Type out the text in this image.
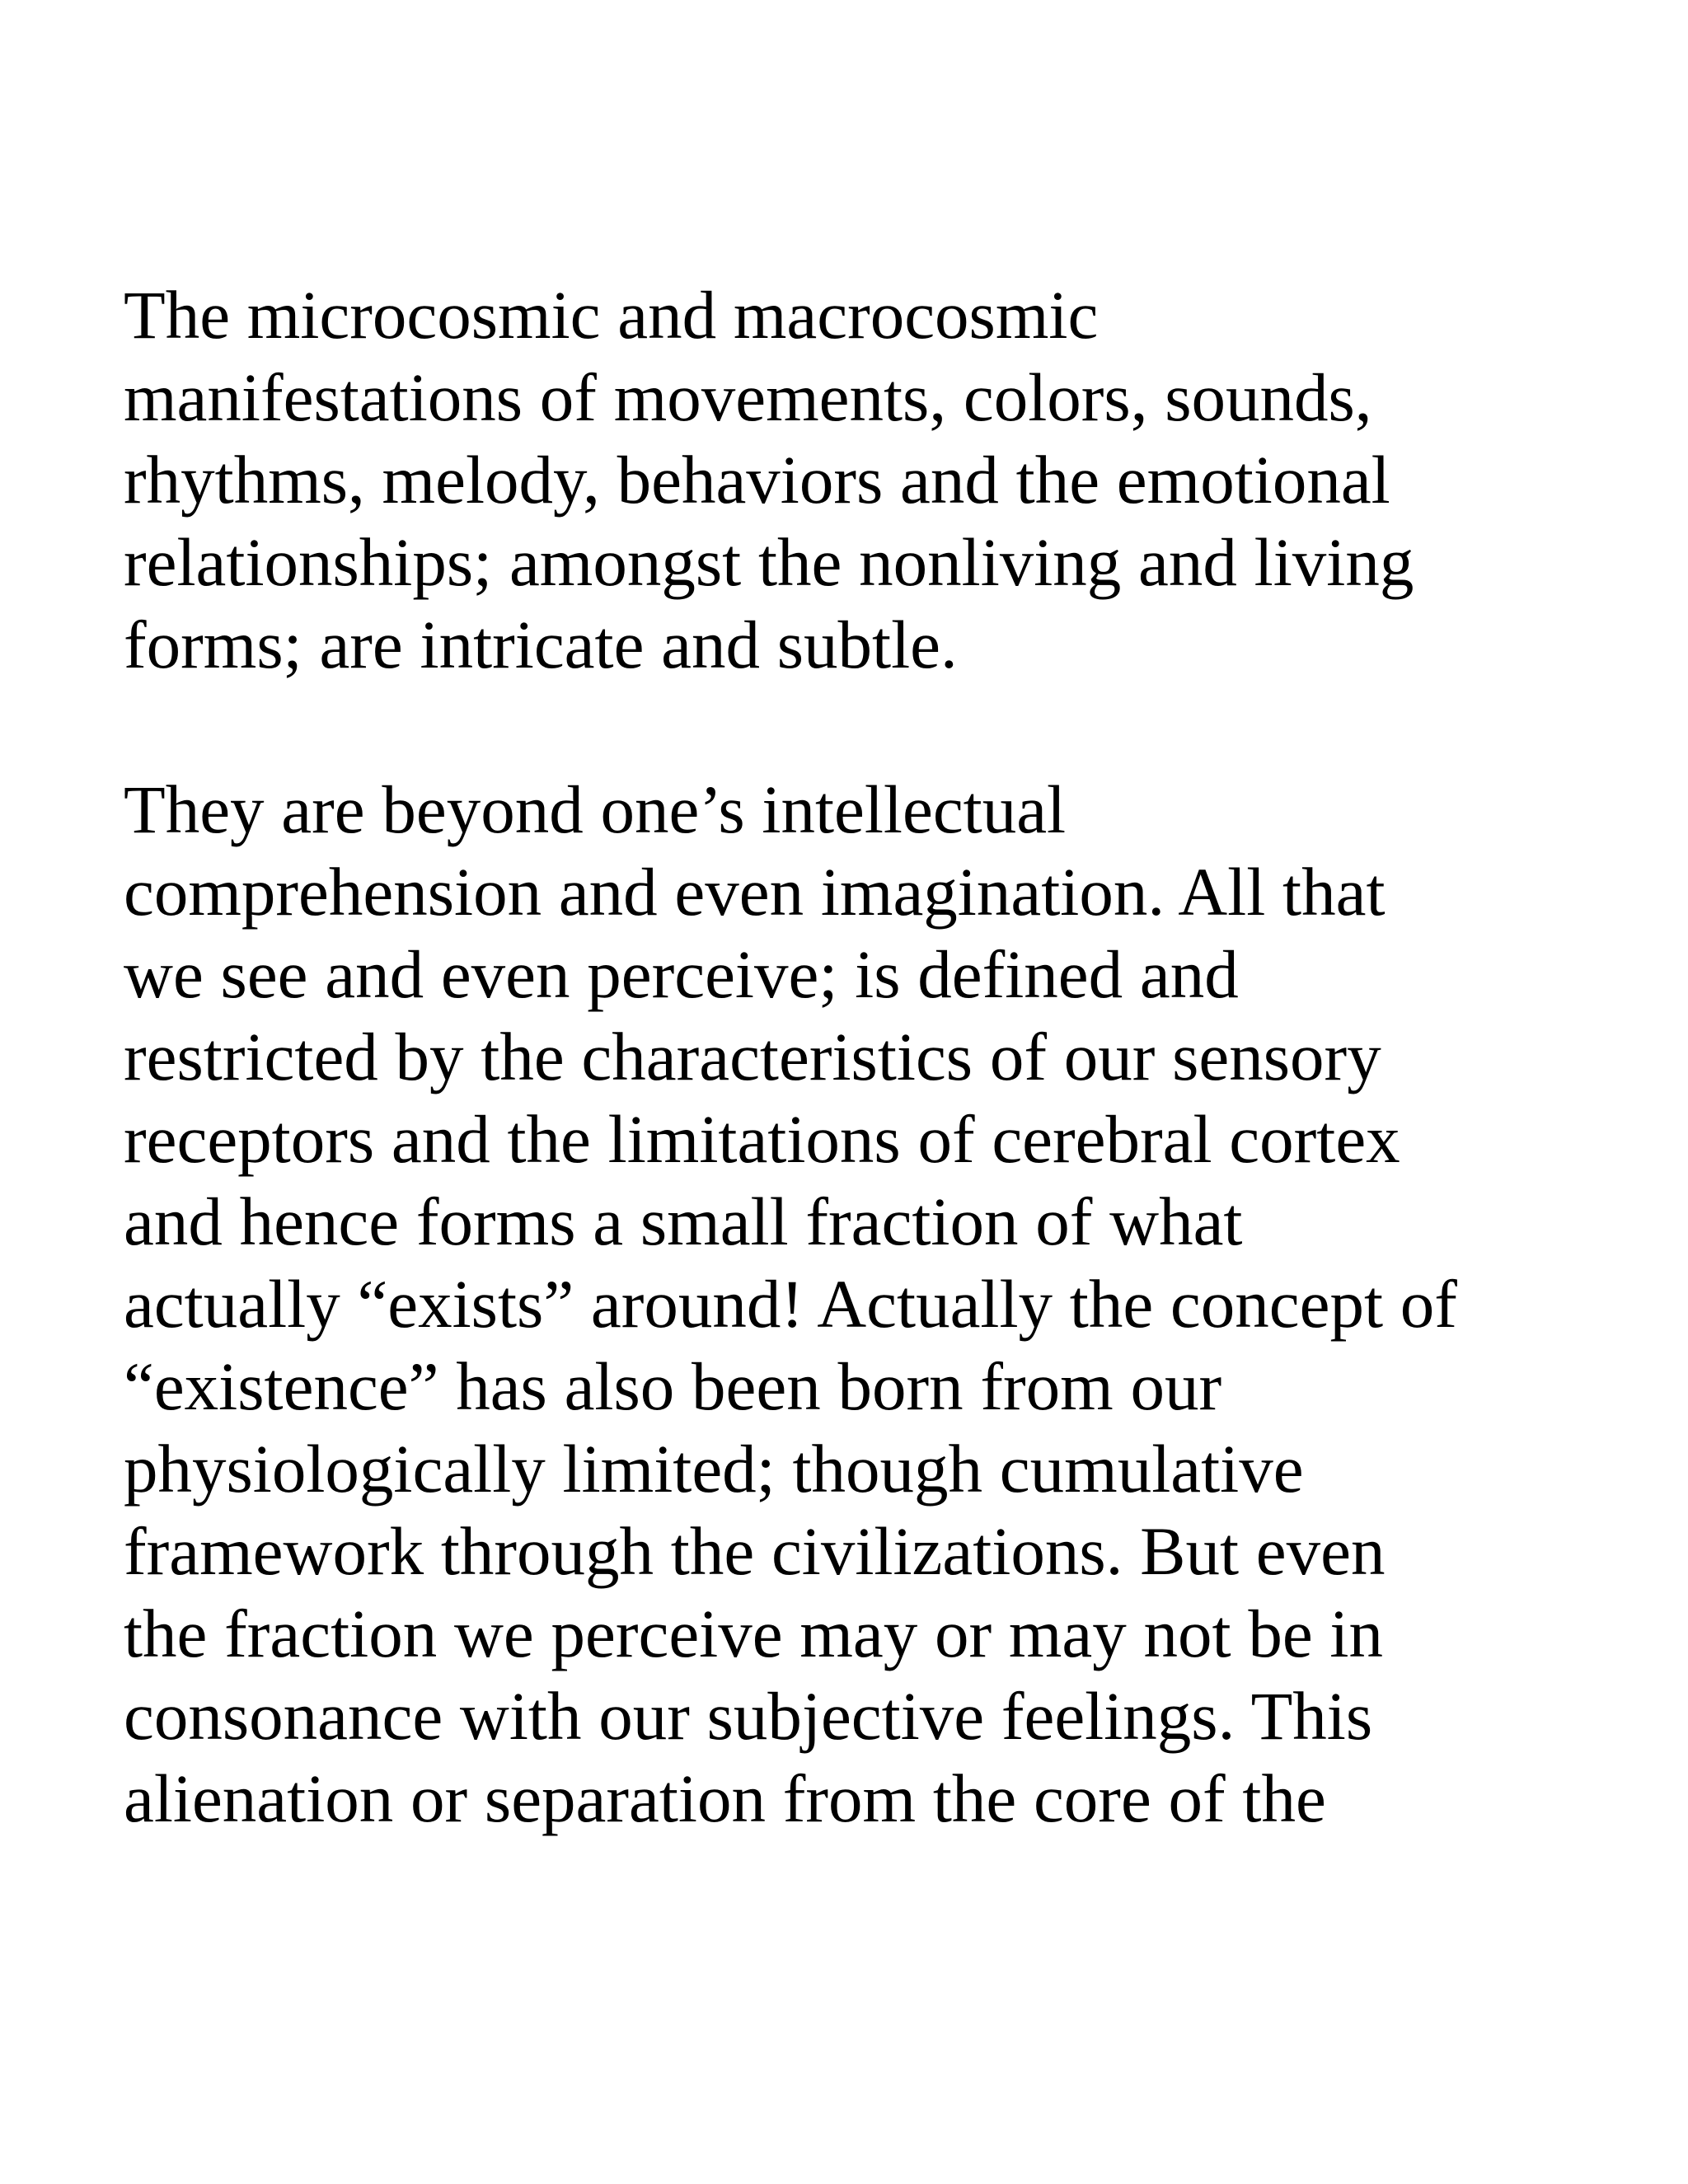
The microcosmic and macrocosmic
manifestations of movements, colors, sounds,
rhythms, melody, behaviors and the emotional
relationships; amongst the nonliving and living
forms; are intricate and subtle.

They are beyond one’s intellectual
comprehension and even imagination. All that
we see and even perceive; is defined and
restricted by the characteristics of our sensory
receptors and the limitations of cerebral cortex
and hence forms a small fraction of what
actually “exists” around! Actually the concept of
“existence” has also been born from our
physiologically limited; though cumulative
framework through the civilizations. But even
the fraction we perceive may or may not be in
consonance with our subjective feelings. This
alienation or separation from the core of the
